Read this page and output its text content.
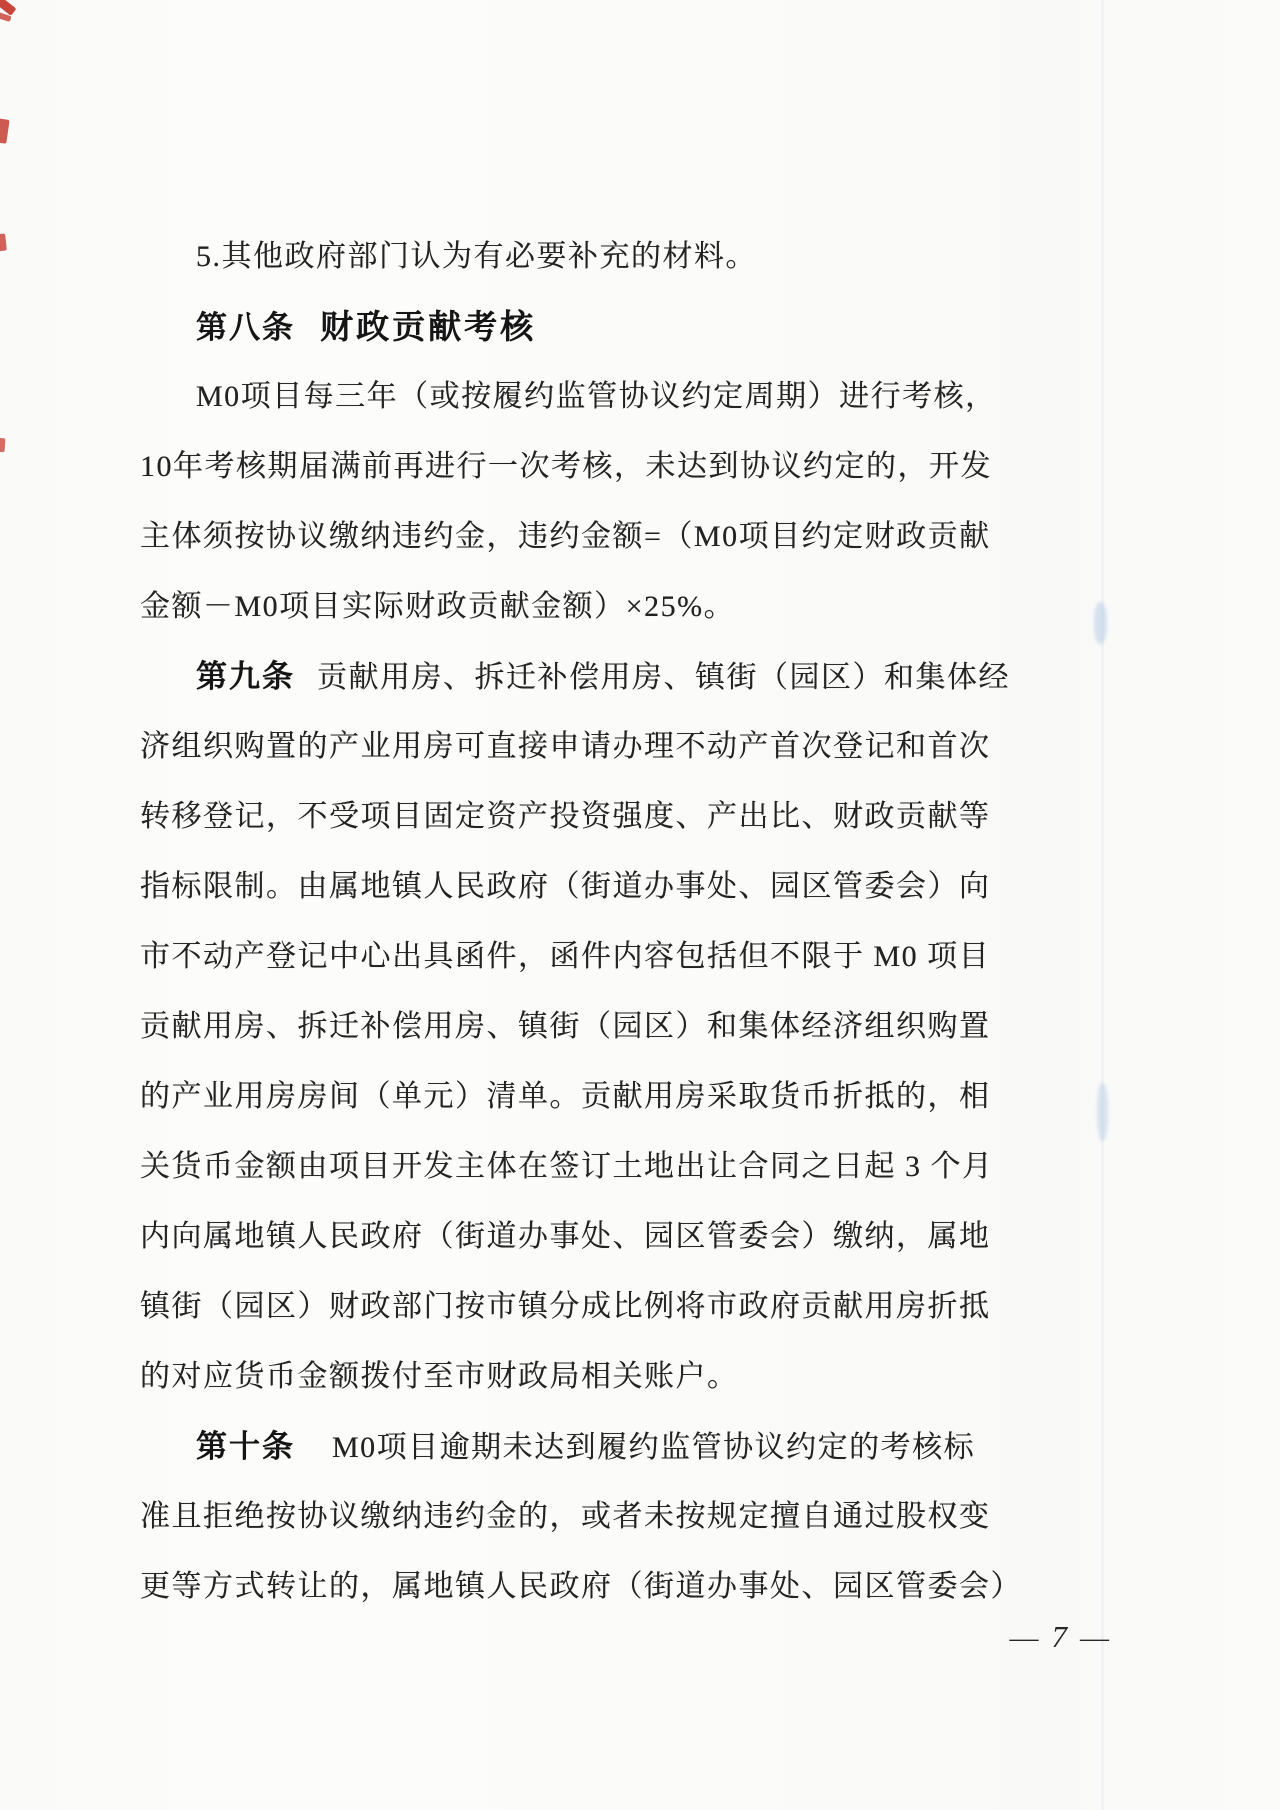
5.其他政府部门认为有必要补充的材料。
第八条 财政贡献考核
M0项目每三年（或按履约监管协议约定周期）进行考核，
10年考核期届满前再进行一次考核，未达到协议约定的，开发
主体须按协议缴纳违约金，违约金额=（M0项目约定财政贡献
金额－M0项目实际财政贡献金额）×25%。
第九条 贡献用房、拆迁补偿用房、镇街（园区）和集体经
济组织购置的产业用房可直接申请办理不动产首次登记和首次
转移登记，不受项目固定资产投资强度、产出比、财政贡献等
指标限制。由属地镇人民政府（街道办事处、园区管委会）向
市不动产登记中心出具函件，函件内容包括但不限于 M0 项目
贡献用房、拆迁补偿用房、镇街（园区）和集体经济组织购置
的产业用房房间（单元）清单。贡献用房采取货币折抵的，相
关货币金额由项目开发主体在签订土地出让合同之日起 3 个月
内向属地镇人民政府（街道办事处、园区管委会）缴纳，属地
镇街（园区）财政部门按市镇分成比例将市政府贡献用房折抵
的对应货币金额拨付至市财政局相关账户。
第十条 M0项目逾期未达到履约监管协议约定的考核标
准且拒绝按协议缴纳违约金的，或者未按规定擅自通过股权变
更等方式转让的，属地镇人民政府（街道办事处、园区管委会）
— 7 —
